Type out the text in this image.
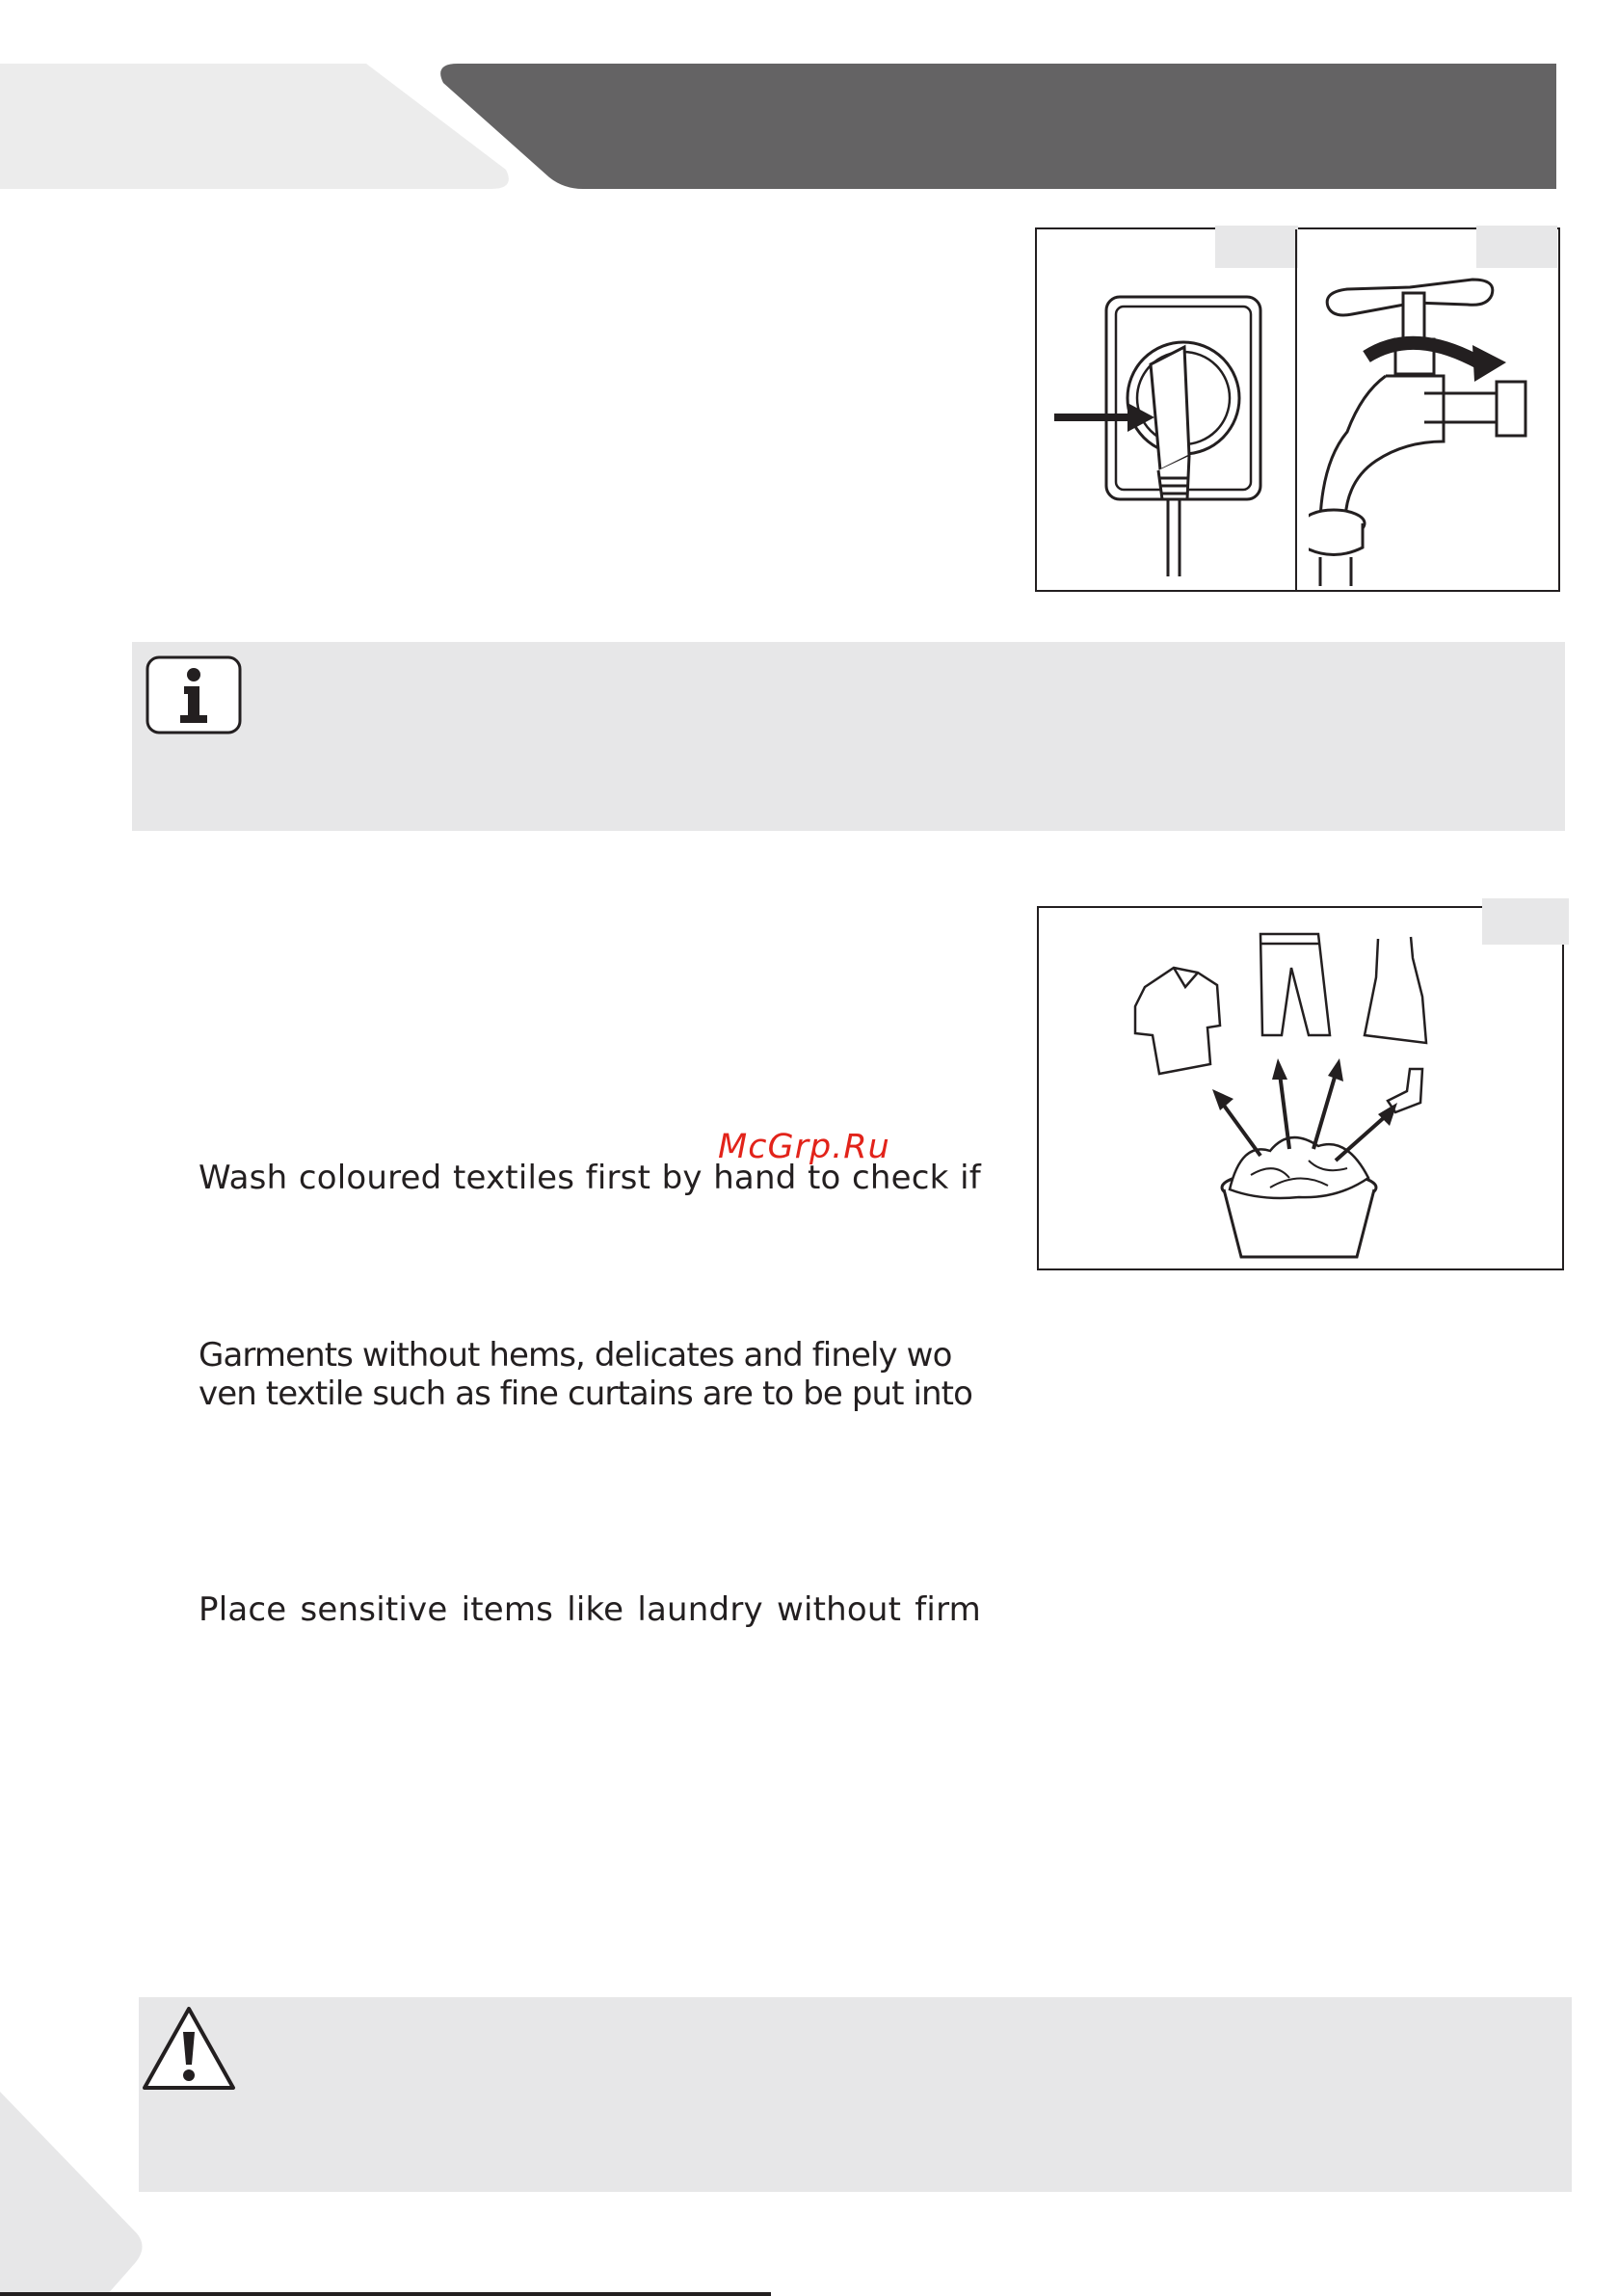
McGrp.Ru
Wash coloured textiles first by hand to check if
Garments without hems, delicates and finely wo
ven textile such as fine curtains are to be put into
Place sensitive items like laundry without firm
